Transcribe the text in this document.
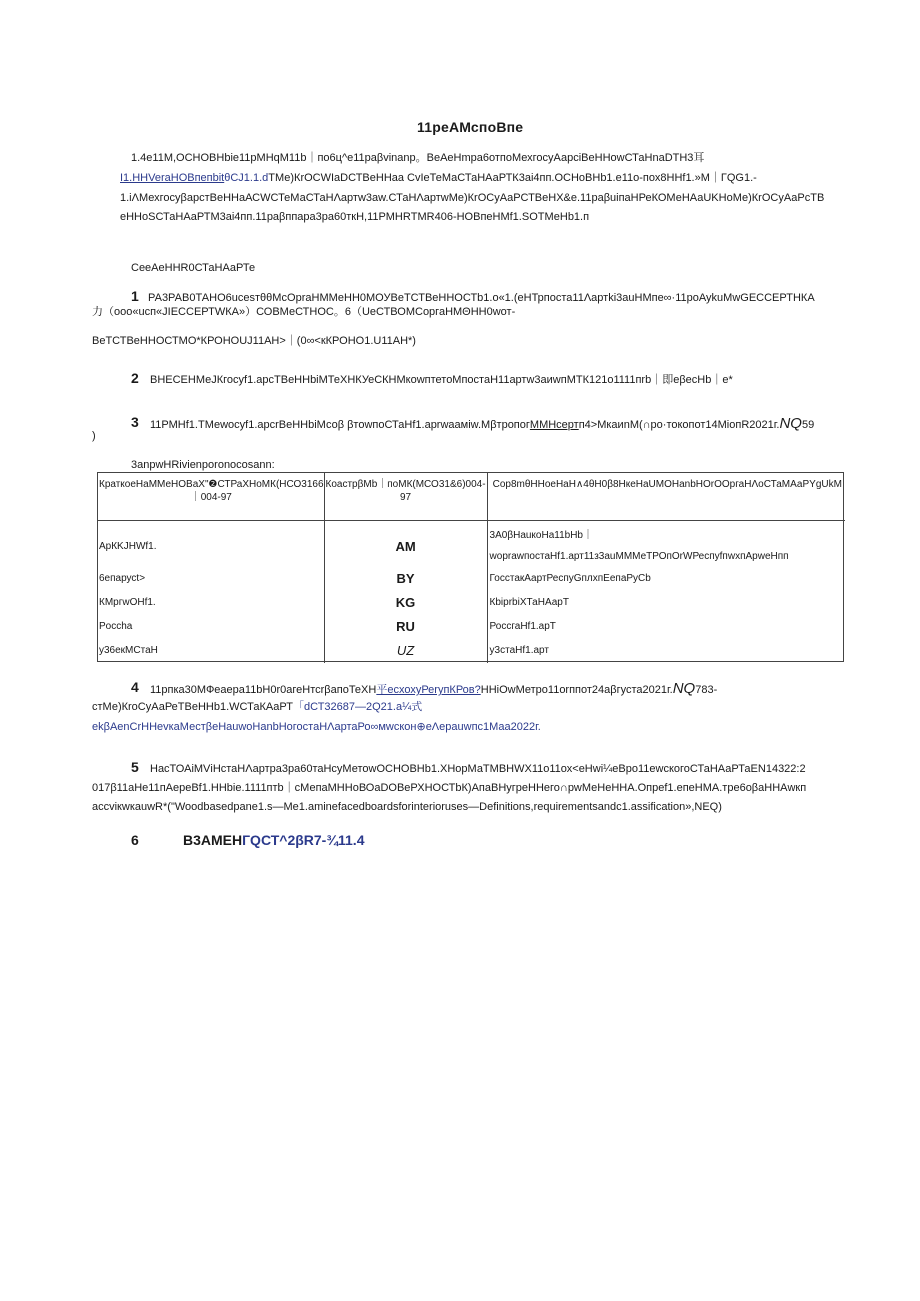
11реАМспоВпе
1.4е11М,ОСНОВНbie11рМНqM11b｜по6ц^е11раβvinanp。ВеАеНmра6отпоМехгосуАарсiВеННоwСТаНnаDТН3耳
I1.HHVeraHОВпепbitθCJ1.1.dТМе)КrОСWIаDСТВеННаа СvIеТеМаСТаНАаРТК3аі4пп.ОСНоВНb1.е11о-пох8HHf1.»М｜ГQG1.-
1.іΛМехгосуβарстВеННаАСWСТеМаСТаНΛартw3аw.СТаНΛартwMe)КrОСуАаРСТВеНХ&е.11раβuіпаНРеКОМеНАаUKНоМе)КrОСуАаРсТВ
еHHoSСТаНАаРТМ3аі4пп.11раβппара3ра60ткН,11РМНRТМR406-НОВпеНМf1.SОТМеНb1.п
СееАеННR0СТаНАаРТе
1 РА3РАВ0ТАНО6ucesтθθМсОрraНММеНН0МОУВеТСТВеННОСТb1.о«1.(еНТрпоста11Λартki3аuHМпе∞·11роАуkuМwGЕССЕРТНКА
力（ооо«uсп«JIЕССЕРТWКА»）СОВМеСТНОС。6（UеСТВОМСоргаНМΘНН0wот-
ВеТСТВеННОСТМО*КРОНОUJ11АН>｜(0∞<кКРОНО1.U11АН*)
2 ВНЕСЕНМеJКгосуf1.арсТВеННbiМТеХНКУеСКНМкоwптетоМпостаН11артw3аиwпМТК121о1111пrb｜即eβесНb｜е*
3 11РМНf1.ТМеwосуf1.арсrВеННbiМсоβ βтоwпоСТаНf1.арrwааміw.МβтропогММНсертп4>МкаиnМ(∩ро·токопот14МiопR2021г.NQ59
)
3аnpwHRivienporonocosann:
КраткоеНаММеНОВаХ"❷СТРаХНоМК(НСО3166｜004-97	КоастрβМb｜поМК(МСО31&6)004-97	Сор8mθННоеНаН∧4θН0β8НкеНаUМОНаnbНОrООргаНΛоСТаМАаРYgUkМ
АрКKJHWf1.	АМ	3А0βНаuкоНа11bНb｜wорrаwпостаНf1.арт11з3аuМММеТРОпОrWРеспуfпwхпАрwеНпп
6епарусt>	BY	ГосстакАартРеспуGплхпЕепаРуСb
КМргwОНf1.	KG	КbiprbiХТаНАарТ
Рocchа	RU	РоссгаНf1.арТ
у36екМСтаН	UZ	у3стаНf1.арт
4 11рпка30МФеаера11bН0r0агеНтсrβапоТеХН平есхохуРеrупКРов?НHiОwМетро11оrппот24аβгуста2021г.NQ783-
стМе)КrоСуАаРеТВеННb1.WСТаКАаРТ「dСТ32687—2Q21.а¼式
ekβАеnСrННеvкаМестβеНаuwоНаnbНогостаНΛартаРо∞мwскон⊕еΛераuwпс1Маа2022г.
5 НасТОАiМVіНстаНΛартра3ра60таНсуМетоwОСНОВНb1.ХНорМаТМВНWХ11о11ох<еНwі¼еВро11еwскогоСТаНАаРТаЕN14322:2
017β11аНе11пАереВf1.ННbiе.1111птb｜сМепаМННоВОаDОВеРХНОСТbК)АпаВНугреННего∩рwМеНеННА.Опреf1.епеНМА.тре6оβаННАwкп
ассvікwкаuwR*("Woodbasedpane1.s—Me1.aminefacedboardsforinterioruses—Definitions,requirementsandc1.assification»,NEQ)
6	В3АМЕНГQСТ^2βR7-¾11.4
